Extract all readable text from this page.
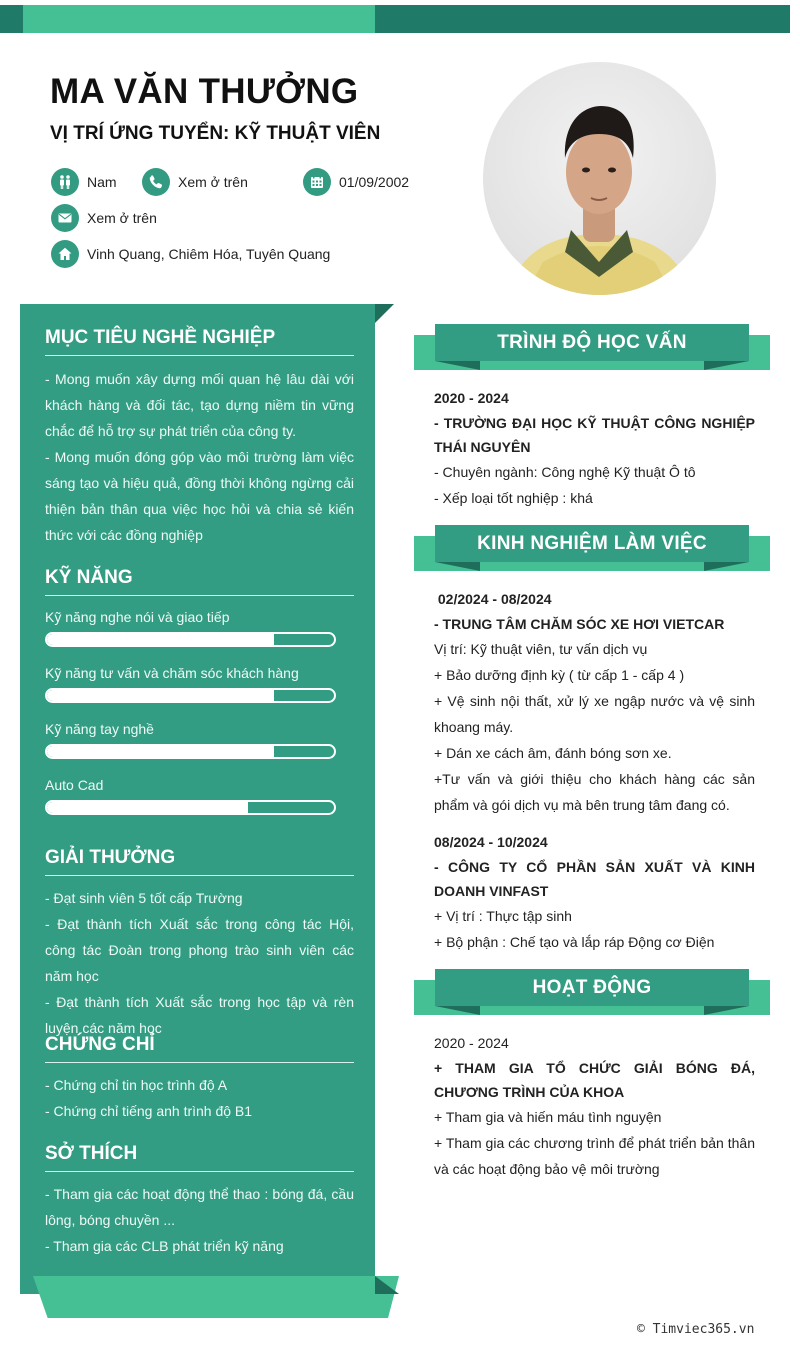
MA VĂN THƯỞNG
VỊ TRÍ ỨNG TUYỂN: KỸ THUẬT VIÊN
Nam	Xem ở trên	01/09/2002
Xem ở trên
Vinh Quang, Chiêm Hóa, Tuyên Quang
MỤC TIÊU NGHỀ NGHIỆP

- Mong muốn xây dựng mối quan hệ lâu dài với khách hàng và đối tác, tạo dựng niềm tin vững chắc để hỗ trợ sự phát triển của công ty.

- Mong muốn đóng góp vào môi trường làm việc sáng tạo và hiệu quả, đồng thời không ngừng cải thiện bản thân qua việc học hỏi và chia sẻ kiến thức với các đồng nghiệp

KỸ NĂNG
Kỹ năng nghe nói và giao tiếp
Kỹ năng tư vấn và chăm sóc khách hàng
Kỹ năng tay nghề
Auto Cad
GIẢI THƯỞNG

- Đạt sinh viên 5 tốt cấp Trường

- Đạt thành tích Xuất sắc trong công tác Hội, công tác Đoàn trong phong trào sinh viên các năm học

- Đạt thành tích Xuất sắc trong học tập và rèn luyện các năm học

CHỨNG CHỈ

- Chứng chỉ tin học trình độ A

- Chứng chỉ tiếng anh trình độ B1

SỞ THÍCH

- Tham gia các hoạt động thể thao : bóng đá, cầu lông, bóng chuyền ...

- Tham gia các CLB phát triển kỹ năng

TRÌNH ĐỘ HỌC VẤN
2020 - 2024
- TRƯỜNG ĐẠI HỌC KỸ THUẬT CÔNG NGHIỆP THÁI NGUYÊN
- Chuyên ngành: Công nghệ Kỹ thuật Ô tô
- Xếp loại tốt nghiệp : khá
KINH NGHIỆM LÀM VIỆC
02/2024 - 08/2024
- TRUNG TÂM CHĂM SÓC XE HƠI VIETCAR
Vị trí: Kỹ thuật viên, tư vấn dịch vụ
+ Bảo dưỡng định kỳ ( từ cấp 1 - cấp 4 )
+ Vệ sinh nội thất, xử lý xe ngập nước và vệ sinh khoang máy.
+ Dán xe cách âm, đánh bóng sơn xe.
+Tư vấn và giới thiệu cho khách hàng các sản phẩm và gói dịch vụ mà bên trung tâm đang có.
08/2024 - 10/2024
- CÔNG TY CỔ PHẦN SẢN XUẤT VÀ KINH DOANH VINFAST
+ Vị trí : Thực tập sinh
+ Bộ phận : Chế tạo và lắp ráp Động cơ Điện
HOẠT ĐỘNG
2020 - 2024
+ THAM GIA TỔ CHỨC GIẢI BÓNG ĐÁ, CHƯƠNG TRÌNH CỦA KHOA
+ Tham gia và hiến máu tình nguyện
+ Tham gia các chương trình để phát triển bản thân và các hoạt động bảo vệ môi trường
© Timviec365.vn
